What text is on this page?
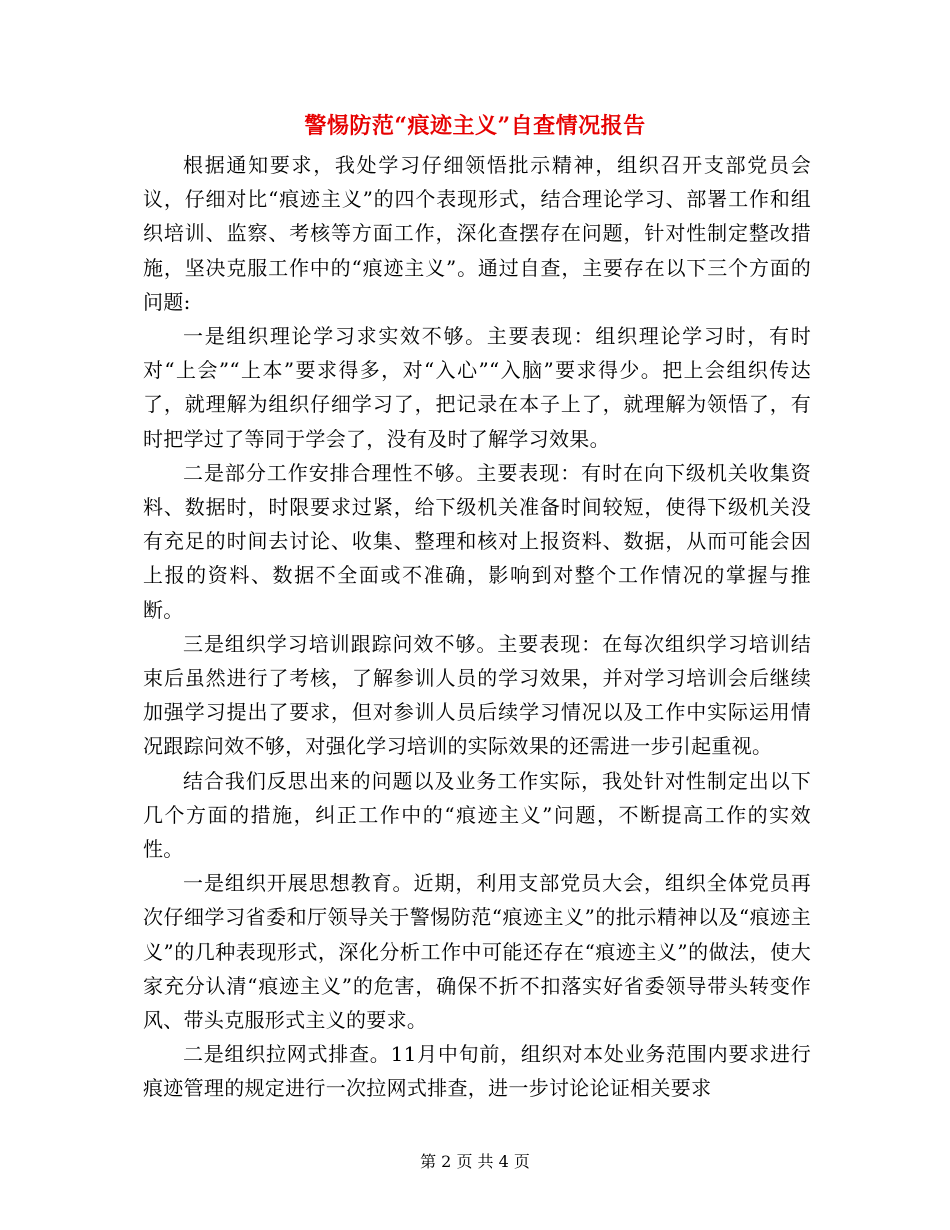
警惕防范“痕迹主义”自查情况报告

根据通知要求，我处学习仔细领悟批示精神，组织召开支部党员会议，仔细对比“痕迹主义”的四个表现形式，结合理论学习、部署工作和组织培训、监察、考核等方面工作，深化查摆存在问题，针对性制定整改措施，坚决克服工作中的“痕迹主义”。通过自查，主要存在以下三个方面的问题:

一是组织理论学习求实效不够。主要表现：组织理论学习时，有时对“上会”“上本”要求得多，对“入心”“入脑”要求得少。把上会组织传达了，就理解为组织仔细学习了，把记录在本子上了，就理解为领悟了，有时把学过了等同于学会了，没有及时了解学习效果。

二是部分工作安排合理性不够。主要表现：有时在向下级机关收集资料、数据时，时限要求过紧，给下级机关准备时间较短，使得下级机关没有充足的时间去讨论、收集、整理和核对上报资料、数据，从而可能会因上报的资料、数据不全面或不准确，影响到对整个工作情况的掌握与推断。

三是组织学习培训跟踪问效不够。主要表现：在每次组织学习培训结束后虽然进行了考核，了解参训人员的学习效果，并对学习培训会后继续加强学习提出了要求，但对参训人员后续学习情况以及工作中实际运用情况跟踪问效不够，对强化学习培训的实际效果的还需进一步引起重视。

结合我们反思出来的问题以及业务工作实际，我处针对性制定出以下几个方面的措施，纠正工作中的“痕迹主义”问题，不断提高工作的实效性。

一是组织开展思想教育。近期，利用支部党员大会，组织全体党员再次仔细学习省委和厅领导关于警惕防范“痕迹主义”的批示精神以及“痕迹主义”的几种表现形式，深化分析工作中可能还存在“痕迹主义”的做法，使大家充分认清“痕迹主义”的危害，确保不折不扣落实好省委领导带头转变作风、带头克服形式主义的要求。

二是组织拉网式排查。11月中旬前，组织对本处业务范围内要求进行痕迹管理的规定进行一次拉网式排查，进一步讨论论证相关要求

第 2 页 共 4 页
